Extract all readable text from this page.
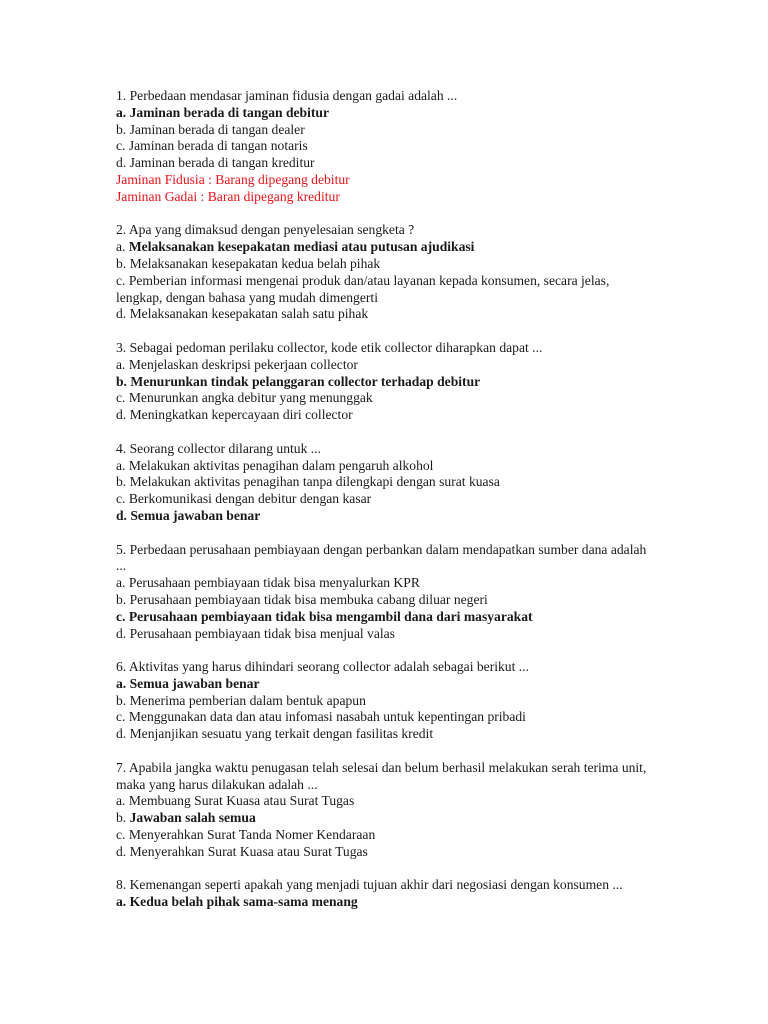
1. Perbedaan mendasar jaminan fidusia dengan gadai adalah ...
a. Jaminan berada di tangan debitur
b. Jaminan berada di tangan dealer
c. Jaminan berada di tangan notaris
d. Jaminan berada di tangan kreditur
Jaminan Fidusia : Barang dipegang debitur
Jaminan Gadai : Baran dipegang kreditur
2. Apa yang dimaksud dengan penyelesaian sengketa ?
a. Melaksanakan kesepakatan mediasi atau putusan ajudikasi
b. Melaksanakan kesepakatan kedua belah pihak
c. Pemberian informasi mengenai produk dan/atau layanan kepada konsumen, secara jelas, lengkap, dengan bahasa yang mudah dimengerti
d. Melaksanakan kesepakatan salah satu pihak
3. Sebagai pedoman perilaku collector, kode etik collector diharapkan dapat ...
a. Menjelaskan deskripsi pekerjaan collector
b. Menurunkan tindak pelanggaran collector terhadap debitur
c. Menurunkan angka debitur yang menunggak
d. Meningkatkan kepercayaan diri collector
4. Seorang collector dilarang untuk ...
a. Melakukan aktivitas penagihan dalam pengaruh alkohol
b. Melakukan aktivitas penagihan tanpa dilengkapi dengan surat kuasa
c. Berkomunikasi dengan debitur dengan kasar
d. Semua jawaban benar
5. Perbedaan perusahaan pembiayaan dengan perbankan dalam mendapatkan sumber dana adalah ...
a. Perusahaan pembiayaan tidak bisa menyalurkan KPR
b. Perusahaan pembiayaan tidak bisa membuka cabang diluar negeri
c. Perusahaan pembiayaan tidak bisa mengambil dana dari masyarakat
d. Perusahaan pembiayaan tidak bisa menjual valas
6. Aktivitas yang harus dihindari seorang collector adalah sebagai berikut ...
a. Semua jawaban benar
b. Menerima pemberian dalam bentuk apapun
c. Menggunakan data dan atau infomasi nasabah untuk kepentingan pribadi
d. Menjanjikan sesuatu yang terkait dengan fasilitas kredit
7. Apabila jangka waktu penugasan telah selesai dan belum berhasil melakukan serah terima unit, maka yang harus dilakukan adalah ...
a. Membuang Surat Kuasa atau Surat Tugas
b. Jawaban salah semua
c. Menyerahkan Surat Tanda Nomer Kendaraan
d. Menyerahkan Surat Kuasa atau Surat Tugas
8. Kemenangan seperti apakah yang menjadi tujuan akhir dari negosiasi dengan konsumen ...
a. Kedua belah pihak sama-sama menang
